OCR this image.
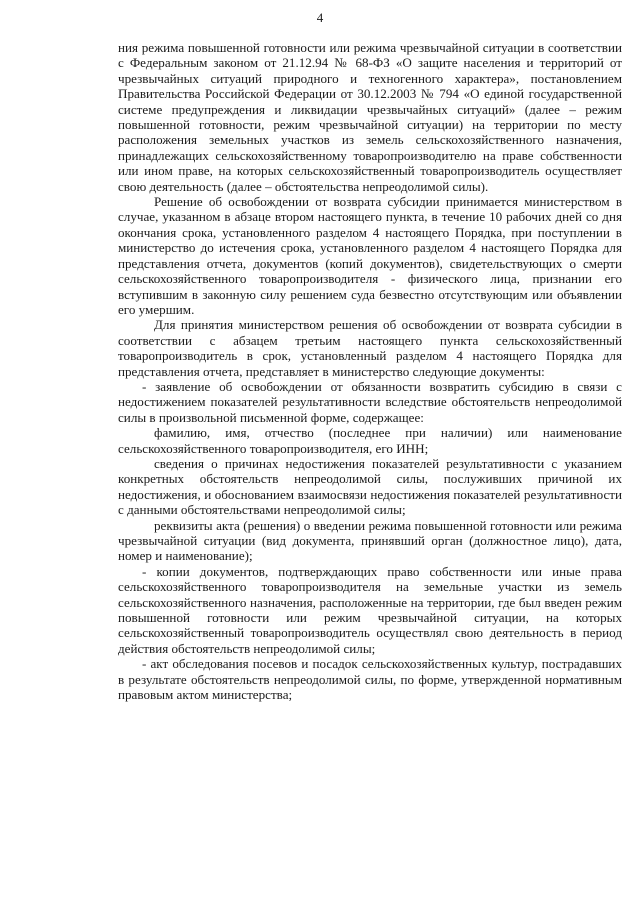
4

ния режима повышенной готовности или режима чрезвычайной ситуации в соответствии с Федеральным законом от 21.12.94 № 68-ФЗ «О защите населения и территорий от чрезвычайных ситуаций природного и техногенного характера», постановлением Правительства Российской Федерации от 30.12.2003 № 794 «О единой государственной системе предупреждения и ликвидации чрезвычайных ситуаций» (далее – режим повышенной готовности, режим чрезвычайной ситуации) на территории по месту расположения земельных участков из земель сельскохозяйственного назначения, принадлежащих сельскохозяйственному товаропроизводителю на праве собственности или ином праве, на которых сельскохозяйственный товаропроизводитель осуществляет свою деятельность (далее – обстоятельства непреодолимой силы).

Решение об освобождении от возврата субсидии принимается министерством в случае, указанном в абзаце втором настоящего пункта, в течение 10 рабочих дней со дня окончания срока, установленного разделом 4 настоящего Порядка, при поступлении в министерство до истечения срока, установленного разделом 4 настоящего Порядка для представления отчета, документов (копий документов), свидетельствующих о смерти сельскохозяйственного товаропроизводителя - физического лица, признании его вступившим в законную силу решением суда безвестно отсутствующим или объявлении его умершим.

Для принятия министерством решения об освобождении от возврата субсидии в соответствии с абзацем третьим настоящего пункта сельскохозяйственный товаропроизводитель в срок, установленный разделом 4 настоящего Порядка для представления отчета, представляет в министерство следующие документы:

- заявление об освобождении от обязанности возвратить субсидию в связи с недостижением показателей результативности вследствие обстоятельств непреодолимой силы в произвольной письменной форме, содержащее:

фамилию, имя, отчество (последнее при наличии) или наименование сельскохозяйственного товаропроизводителя, его ИНН;

сведения о причинах недостижения показателей результативности с указанием конкретных обстоятельств непреодолимой силы, послуживших причиной их недостижения, и обоснованием взаимосвязи недостижения показателей результативности с данными обстоятельствами непреодолимой силы;

реквизиты акта (решения) о введении режима повышенной готовности или режима чрезвычайной ситуации (вид документа, принявший орган (должностное лицо), дата, номер и наименование);

- копии документов, подтверждающих право собственности или иные права сельскохозяйственного товаропроизводителя на земельные участки из земель сельскохозяйственного назначения, расположенные на территории, где был введен режим повышенной готовности или режим чрезвычайной ситуации, на которых сельскохозяйственный товаропроизводитель осуществлял свою деятельность в период действия обстоятельств непреодолимой силы;

- акт обследования посевов и посадок сельскохозяйственных культур, пострадавших в результате обстоятельств непреодолимой силы, по форме, утвержденной нормативным правовым актом министерства;
